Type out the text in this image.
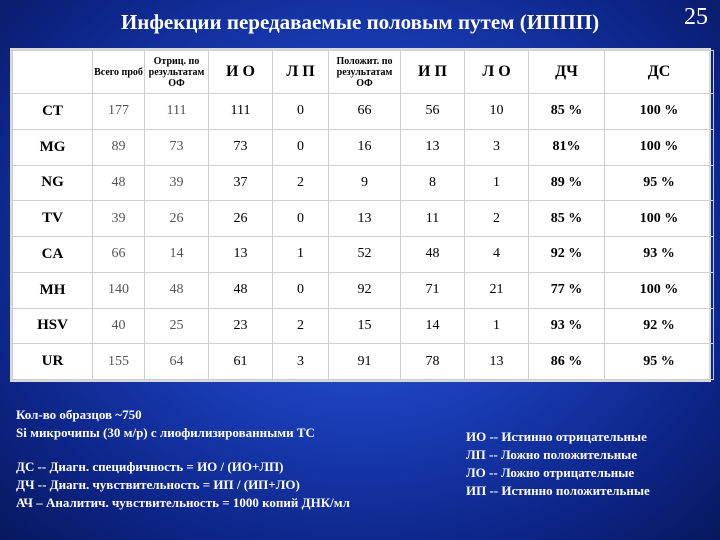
Инфекции передаваемые половым путем (ИППП)	25
	Всего проб	Отриц. по результатам ОФ	И О	Л П	Положит. по результатам ОФ	И П	Л О	ДЧ	ДС
CT	177	111	111	0	66	56	10	85 %	100 %
MG	89	73	73	0	16	13	3	81%	100 %
NG	48	39	37	2	9	8	1	89 %	95 %
TV	39	26	26	0	13	11	2	85 %	100 %
CA	66	14	13	1	52	48	4	92 %	93 %
MH	140	48	48	0	92	71	21	77 %	100 %
HSV	40	25	23	2	15	14	1	93 %	92 %
UR	155	64	61	3	91	78	13	86 %	95 %
Кол-во образцов ~750
Si микрочипы (30 м/р) с лиофилизированными ТС
ДС -- Диагн. специфичность = ИО / (ИО+ЛП)
ДЧ -- Диагн. чувствительность = ИП / (ИП+ЛО)
АЧ – Аналитич. чувствительность = 1000 копий ДНК/мл
ИО -- Истинно отрицательные
ЛП -- Ложно положительные
ЛО -- Ложно отрицательные
ИП -- Истинно положительные
